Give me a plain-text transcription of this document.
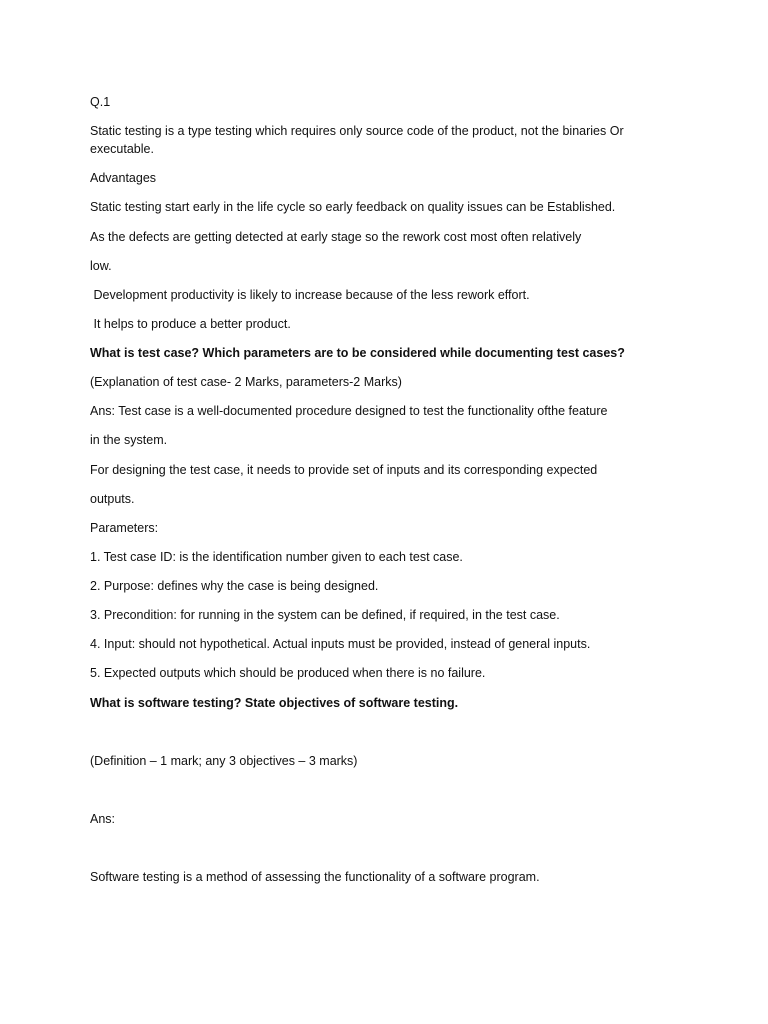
Q.1
Static testing is a type testing which requires only source code of the product, not the binaries Or executable.
Advantages
Static testing start early in the life cycle so early feedback on quality issues can be Established.
As the defects are getting detected at early stage so the rework cost most often relatively
low.
Development productivity is likely to increase because of the less rework effort.
It helps to produce a better product.
What is test case? Which parameters are to be considered while documenting test cases?
(Explanation of test case- 2 Marks, parameters-2 Marks)
Ans: Test case is a well-documented procedure designed to test the functionality ofthe feature
in the system.
For designing the test case, it needs to provide set of inputs and its corresponding expected
outputs.
Parameters:
1. Test case ID: is the identification number given to each test case.
2. Purpose: defines why the case is being designed.
3. Precondition: for running in the system can be defined, if required, in the test case.
4. Input: should not hypothetical. Actual inputs must be provided, instead of general inputs.
5. Expected outputs which should be produced when there is no failure.
What is software testing? State objectives of software testing.
(Definition – 1 mark; any 3 objectives – 3 marks)
Ans:
Software testing is a method of assessing the functionality of a software program.
